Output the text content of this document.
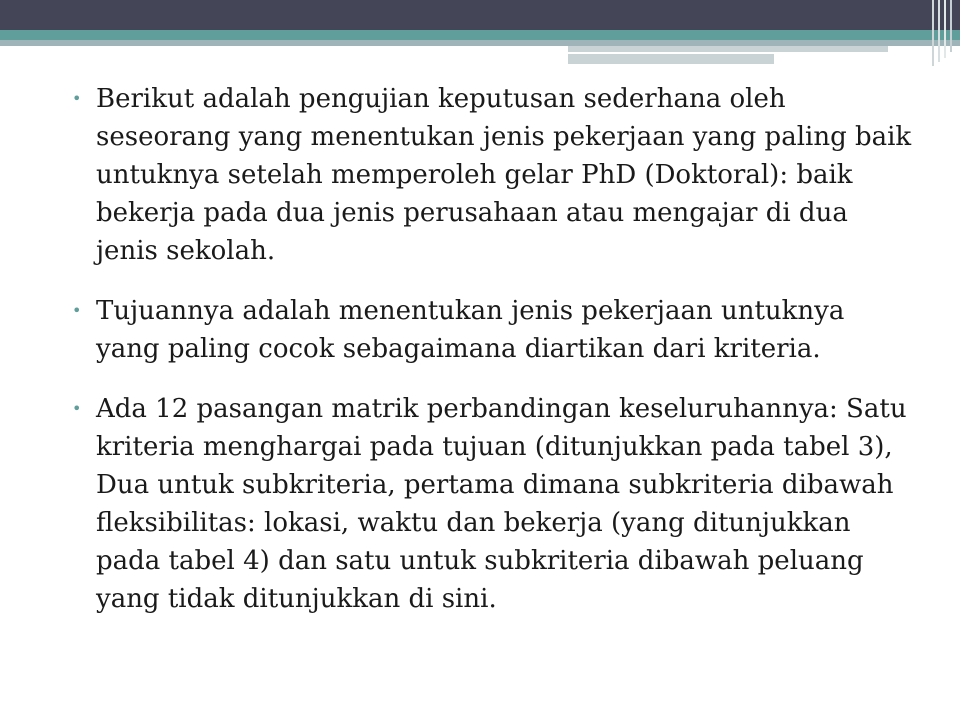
• Berikut adalah pengujian keputusan sederhana oleh seseorang yang menentukan jenis pekerjaan yang paling baik untuknya setelah memperoleh gelar PhD (Doktoral): baik bekerja pada dua jenis perusahaan atau mengajar di dua jenis sekolah.
• Tujuannya adalah menentukan jenis pekerjaan untuknya yang paling cocok sebagaimana diartikan dari kriteria.
• Ada 12 pasangan matrik perbandingan keseluruhannya: Satu kriteria menghargai pada tujuan (ditunjukkan pada tabel 3), Dua untuk subkriteria, pertama dimana subkriteria dibawah fleksibilitas: lokasi, waktu dan bekerja (yang ditunjukkan pada tabel 4) dan satu untuk subkriteria dibawah peluang yang tidak ditunjukkan di sini.
